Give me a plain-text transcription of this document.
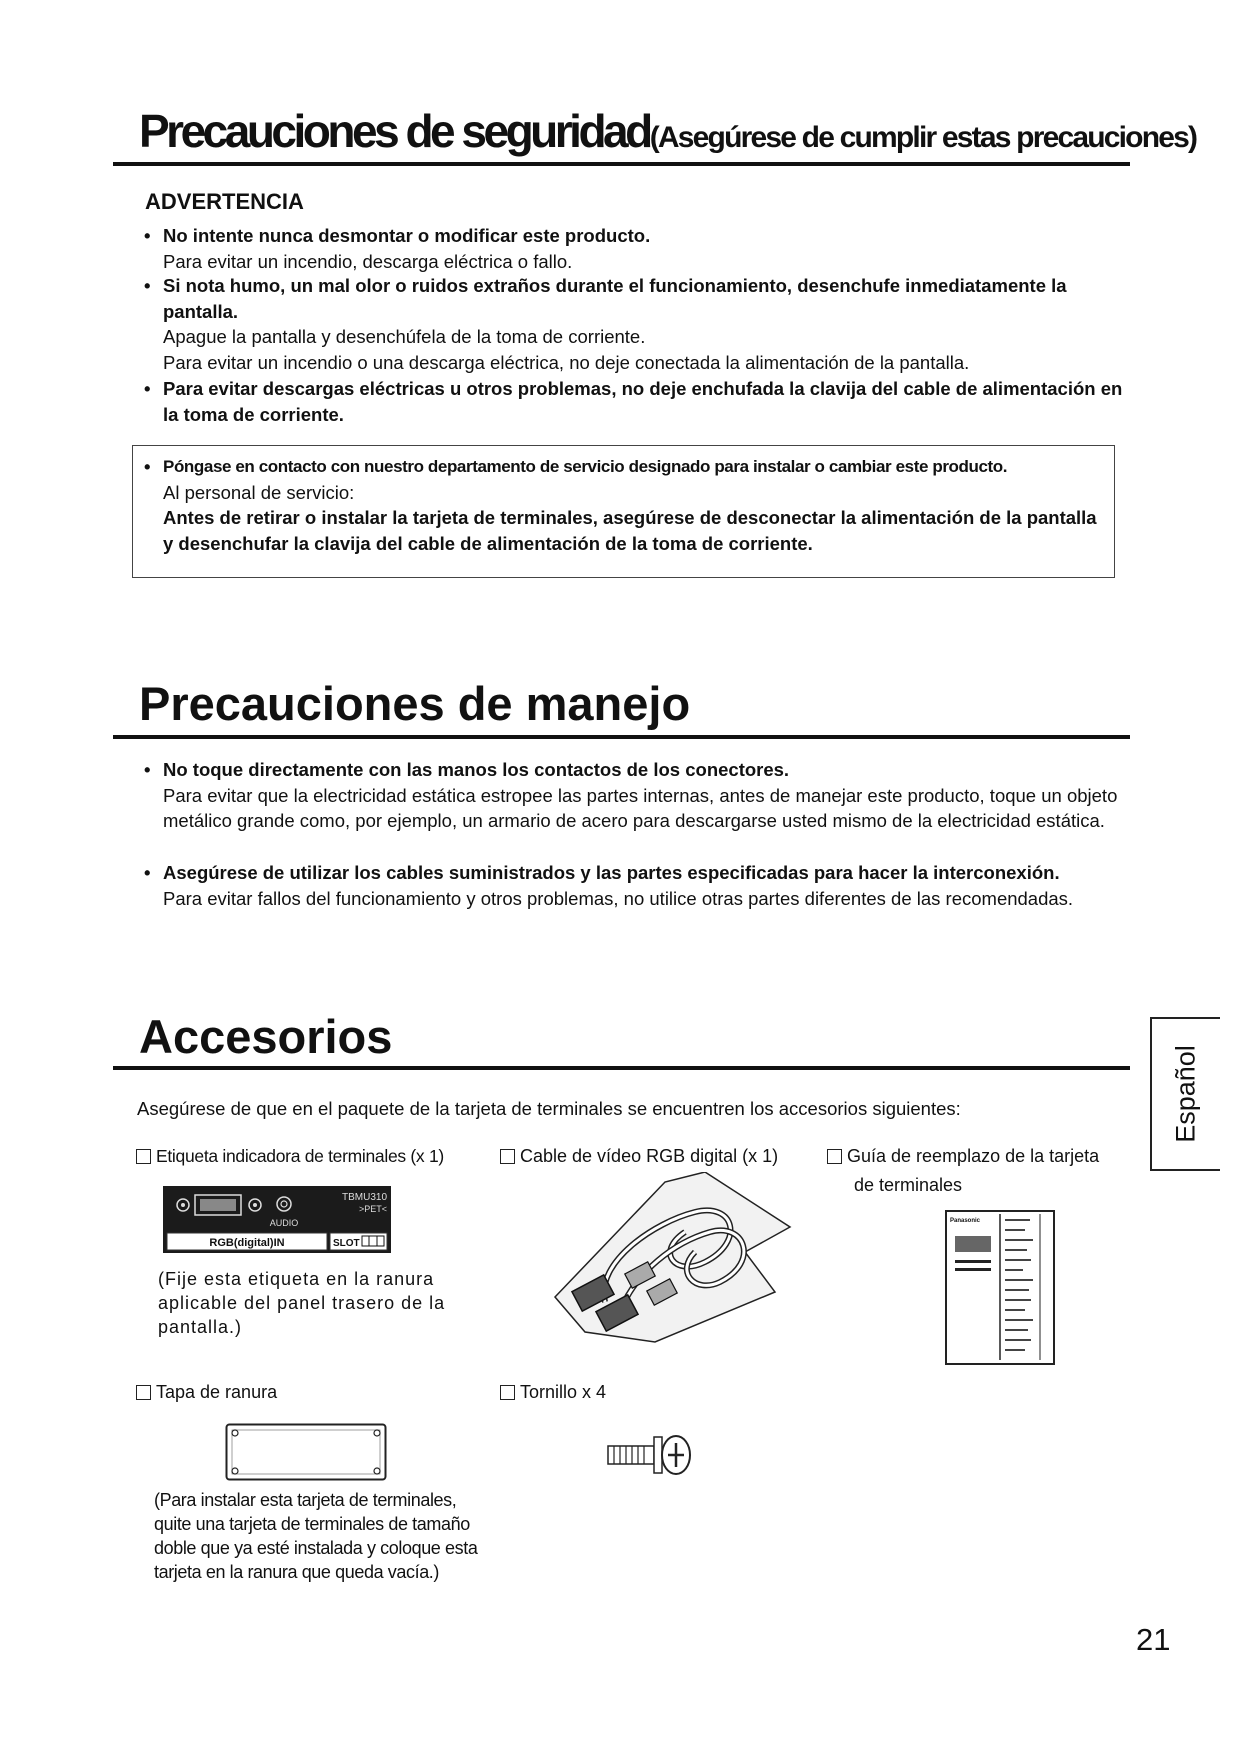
Precauciones de seguridad(Asegúrese de cumplir estas precauciones)
ADVERTENCIA
• No intente nunca desmontar o modificar este producto.
Para evitar un incendio, descarga eléctrica o fallo.
• Si nota humo, un mal olor o ruidos extraños durante el funcionamiento, desenchufe inmediatamente la pantalla.
Apague la pantalla y desenchúfela de la toma de corriente.
Para evitar un incendio o una descarga eléctrica, no deje conectada la alimentación de la pantalla.
• Para evitar descargas eléctricas u otros problemas, no deje enchufada la clavija del cable de alimentación en la toma de corriente.
• Póngase en contacto con nuestro departamento de servicio designado para instalar o cambiar este producto.
Al personal de servicio:
Antes de retirar o instalar la tarjeta de terminales, asegúrese de desconectar la alimentación de la pantalla y desenchufar la clavija del cable de alimentación de la toma de corriente.
Precauciones de manejo
• No toque directamente con las manos los contactos de los conectores.
Para evitar que la electricidad estática estropee las partes internas, antes de manejar este producto, toque un objeto metálico grande como, por ejemplo, un armario de acero para descargarse usted mismo de la electricidad estática.
• Asegúrese de utilizar los cables suministrados y las partes especificadas para hacer la interconexión.
Para evitar fallos del funcionamiento y otros problemas, no utilice otras partes diferentes de las recomendadas.
Accesorios
Español
Asegúrese de que en el paquete de la tarjeta de terminales se encuentren los accesorios siguientes:
Etiqueta indicadora de terminales (x 1)
AUDIO
TBMU310
>PET<
RGB(digital)IN	SLOT
(Fije esta etiqueta en la ranura aplicable del panel trasero de la pantalla.)
Cable de vídeo RGB digital (x 1)	Guía de reemplazo de la tarjeta
de terminales
Panasonic
Tapa de ranura
(Para instalar esta tarjeta de terminales, quite una tarjeta de terminales de tamaño doble que ya esté instalada y coloque esta tarjeta en la ranura que queda vacía.)
Tornillo x 4
21
